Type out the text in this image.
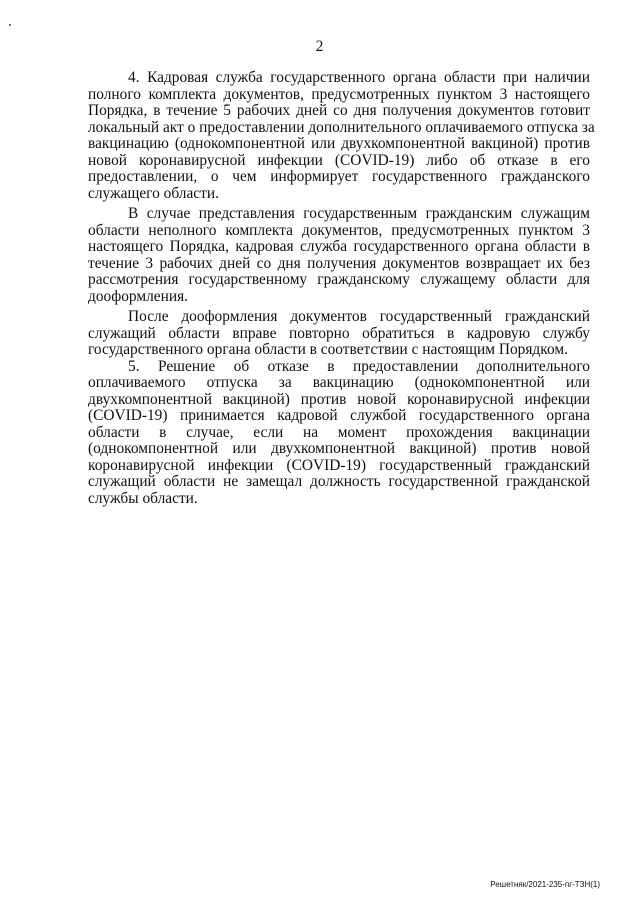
2

4. Кадровая служба государственного органа области при наличии
полного комплекта документов, предусмотренных пунктом 3 настоящего
Порядка, в течение 5 рабочих дней со дня получения документов готовит
локальный акт о предоставлении дополнительного оплачиваемого отпуска за
вакцинацию (однокомпонентной или двухкомпонентной вакциной) против
новой коронавирусной инфекции (COVID-19) либо об отказе в его
предоставлении, о чем информирует государственного гражданского
служащего области.

В случае представления государственным гражданским служащим
области неполного комплекта документов, предусмотренных пунктом 3
настоящего Порядка, кадровая служба государственного органа области в
течение 3 рабочих дней со дня получения документов возвращает их без
рассмотрения государственному гражданскому служащему области для
дооформления.

После дооформления документов государственный гражданский
служащий области вправе повторно обратиться в кадровую службу
государственного органа области в соответствии с настоящим Порядком.

5. Решение об отказе в предоставлении дополнительного
оплачиваемого отпуска за вакцинацию (однокомпонентной или
двухкомпонентной вакциной) против новой коронавирусной инфекции
(COVID-19) принимается кадровой службой государственного органа
области в случае, если на момент прохождения вакцинации
(однокомпонентной или двухкомпонентной вакциной) против новой
коронавирусной инфекции (COVID-19) государственный гражданский
служащий области не замещал должность государственной гражданской
службы области.

Решетняк/2021-235-пг-ТЗН(1)
